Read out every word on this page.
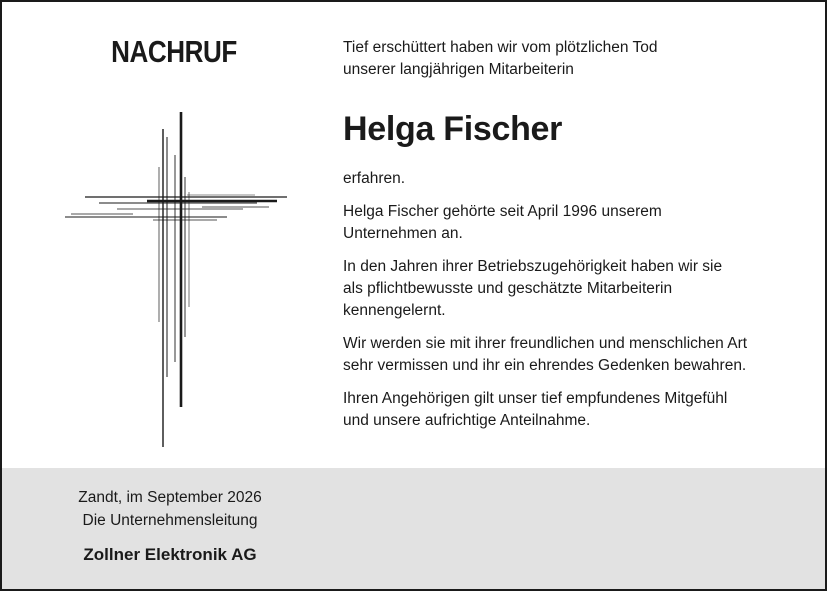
NACHRUF	Tief erschüttert haben wir vom plötzlichen Tod
unserer langjährigen Mitarbeiterin

Helga Fischer

erfahren.

Helga Fischer gehörte seit April 1996 unserem
Unternehmen an.

In den Jahren ihrer Betriebszugehörigkeit haben wir sie
als pflichtbewusste und geschätzte Mitarbeiterin
kennengelernt.

Wir werden sie mit ihrer freundlichen und menschlichen Art
sehr vermissen und ihr ein ehrendes Gedenken bewahren.

Ihren Angehörigen gilt unser tief empfundenes Mitgefühl
und unsere aufrichtige Anteilnahme.

Zandt, im September 2026
Die Unternehmensleitung
Zollner Elektronik AG
